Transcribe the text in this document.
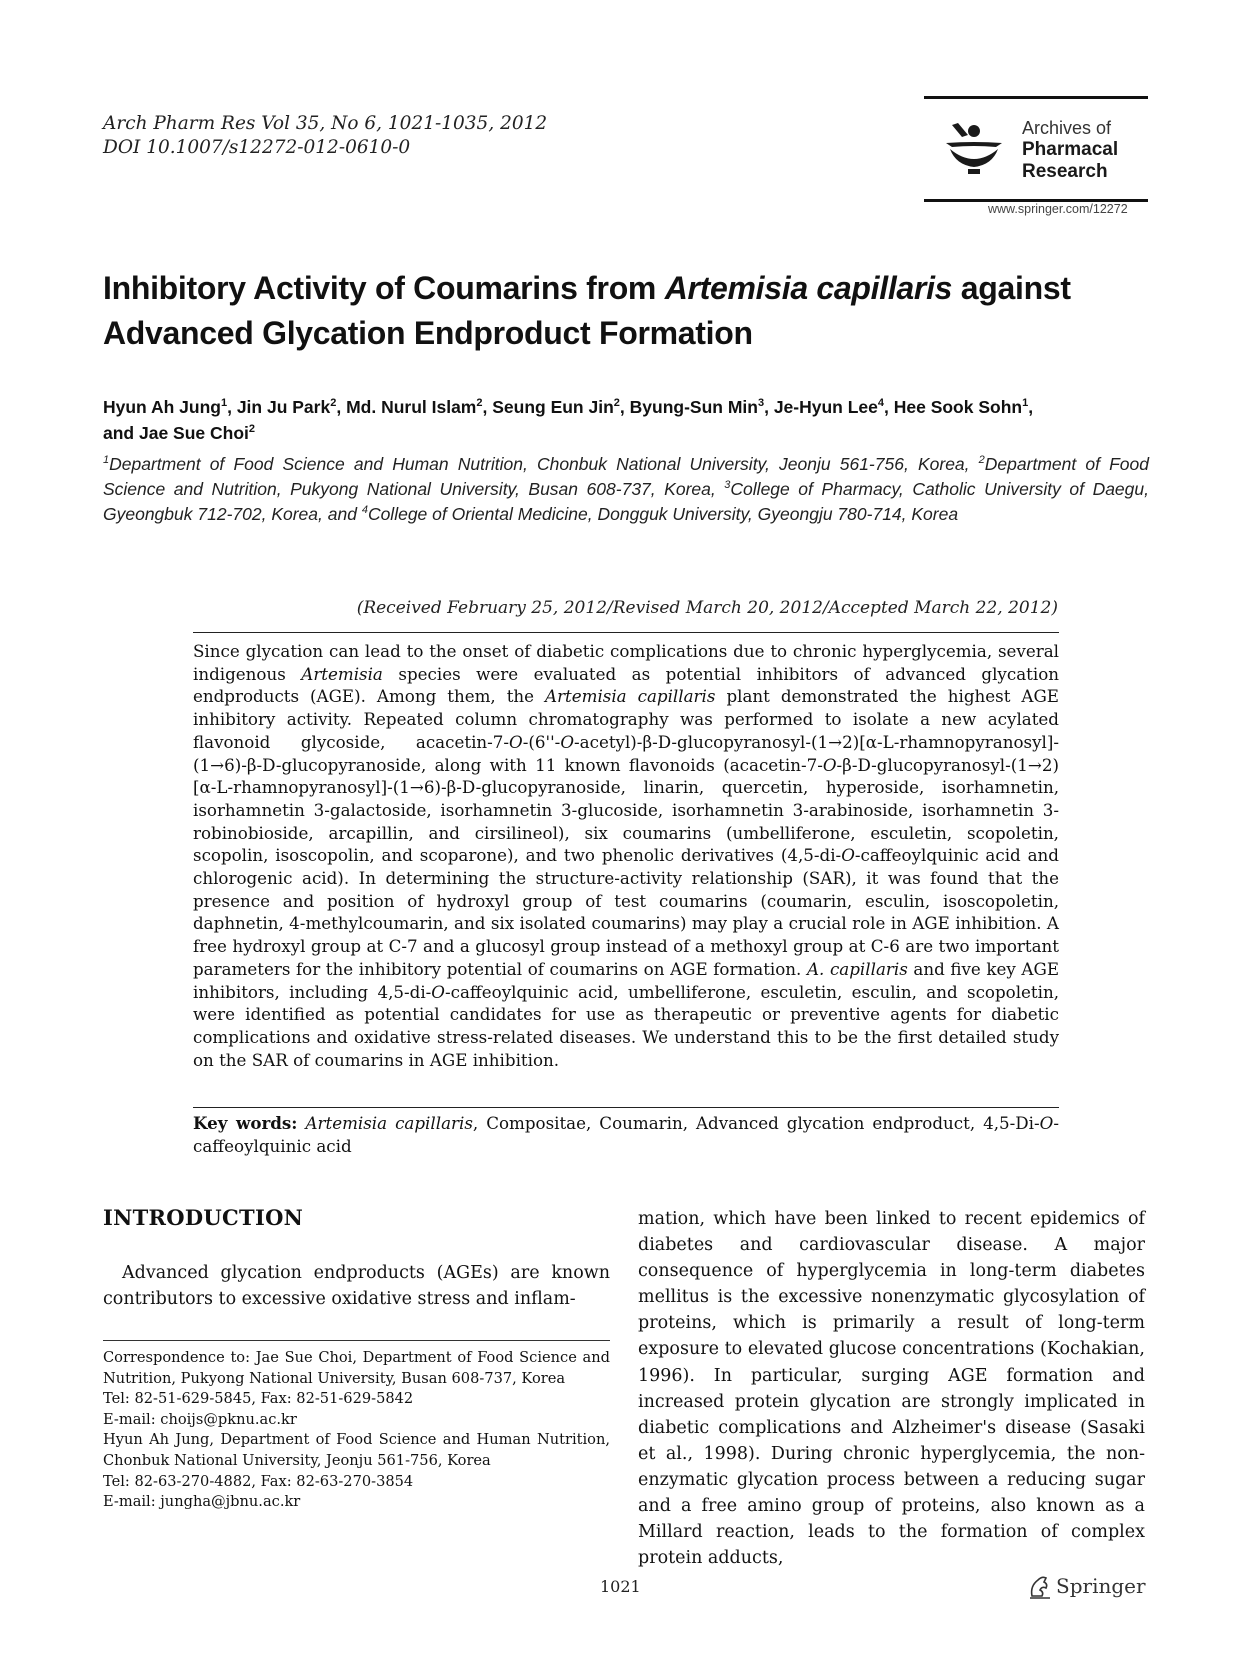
Arch Pharm Res Vol 35, No 6, 1021-1035, 2012
DOI 10.1007/s12272-012-0610-0
Archives of
Pharmacal
Research
www.springer.com/12272
Inhibitory Activity of Coumarins from Artemisia capillaris against Advanced Glycation Endproduct Formation
Hyun Ah Jung$^1$, Jin Ju Park$^2$, Md. Nurul Islam$^2$, Seung Eun Jin$^2$, Byung-Sun Min$^3$, Je-Hyun Lee$^4$, Hee Sook Sohn$^1$,
and Jae Sue Choi$^2$
$^1$Department of Food Science and Human Nutrition, Chonbuk National University, Jeonju 561-756, Korea, $^2$Department of Food Science and Nutrition, Pukyong National University, Busan 608-737, Korea, $^3$College of Pharmacy, Catholic University of Daegu, Gyeongbuk 712-702, Korea, and $^4$College of Oriental Medicine, Dongguk University, Gyeongju 780-714, Korea
(Received February 25, 2012/Revised March 20, 2012/Accepted March 22, 2012)
Since glycation can lead to the onset of diabetic complications due to chronic hyperglycemia, several indigenous Artemisia species were evaluated as potential inhibitors of advanced glycation endproducts (AGE). Among them, the Artemisia capillaris plant demonstrated the highest AGE inhibitory activity. Repeated column chromatography was performed to isolate a new acylated flavonoid glycoside, acacetin-7-O-(6''-O-acetyl)-β-D-glucopyranosyl-(1→2)[α-L-rhamnopyranosyl]-(1→6)-β-D-glucopyranoside, along with 11 known flavonoids (acacetin-7-O-β-D-glucopyranosyl-(1→2)[α-L-rhamnopyranosyl]-(1→6)-β-D-glucopyranoside, linarin, quercetin, hyperoside, isorhamnetin, isorhamnetin 3-galactoside, isorhamnetin 3-glucoside, isorhamnetin 3-arabinoside, isorhamnetin 3-robinobioside, arcapillin, and cirsilineol), six coumarins (umbelliferone, esculetin, scopoletin, scopolin, isoscopolin, and scoparone), and two phenolic derivatives (4,5-di-O-caffeoylquinic acid and chlorogenic acid). In determining the structure-activity relationship (SAR), it was found that the presence and position of hydroxyl group of test coumarins (coumarin, esculin, isoscopoletin, daphnetin, 4-methylcoumarin, and six isolated coumarins) may play a crucial role in AGE inhibition. A free hydroxyl group at C-7 and a glucosyl group instead of a methoxyl group at C-6 are two important parameters for the inhibitory potential of coumarins on AGE formation. A. capillaris and five key AGE inhibitors, including 4,5-di-O-caffeoylquinic acid, umbelliferone, esculetin, esculin, and scopoletin, were identified as potential candidates for use as therapeutic or preventive agents for diabetic complications and oxidative stress-related diseases. We understand this to be the first detailed study on the SAR of coumarins in AGE inhibition.
Key words: Artemisia capillaris, Compositae, Coumarin, Advanced glycation endproduct, 4,5-Di-O-caffeoylquinic acid
INTRODUCTION
Advanced glycation endproducts (AGEs) are known contributors to excessive oxidative stress and inflam-
Correspondence to: Jae Sue Choi, Department of Food Science and Nutrition, Pukyong National University, Busan 608-737, Korea
Tel: 82-51-629-5845, Fax: 82-51-629-5842
E-mail: choijs@pknu.ac.kr
Hyun Ah Jung, Department of Food Science and Human Nutrition, Chonbuk National University, Jeonju 561-756, Korea
Tel: 82-63-270-4882, Fax: 82-63-270-3854
E-mail: jungha@jbnu.ac.kr
mation, which have been linked to recent epidemics of diabetes and cardiovascular disease. A major consequence of hyperglycemia in long-term diabetes mellitus is the excessive nonenzymatic glycosylation of proteins, which is primarily a result of long-term exposure to elevated glucose concentrations (Kochakian, 1996). In particular, surging AGE formation and increased protein glycation are strongly implicated in diabetic complications and Alzheimer's disease (Sasaki et al., 1998). During chronic hyperglycemia, the non-enzymatic glycation process between a reducing sugar and a free amino group of proteins, also known as a Millard reaction, leads to the formation of complex protein adducts,
1021	Springer
